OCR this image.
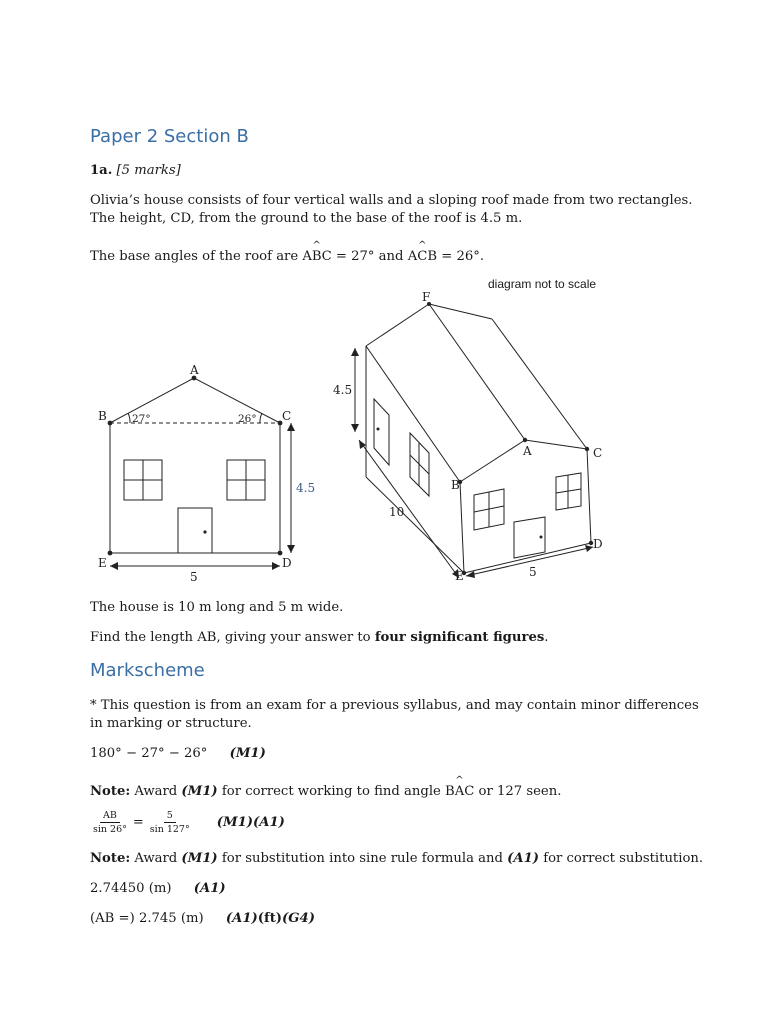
Paper 2 Section B
1a. [5 marks]
Olivia’s house consists of four vertical walls and a sloping roof made from two rectangles.
The height, CD, from the ground to the base of the roof is 4.5 m.
The base angles of the roof are A^ BC = 27° and A^ CB = 26°.
diagram not to scale
A
B	C
D
E
27°	26°
4.5
5
F
A
B
C
D
E
4.5
10
5
The house is 10 m long and 5 m wide.
Find the length AB, giving your answer to four significant figures.
Markscheme
* This question is from an exam for a previous syllabus, and may contain minor differences
in marking or structure.
180° − 27° − 26° (M1)
Note: Award (M1) for correct working to find angle B^ AC or 127 seen.
$\frac{AB}{\sin 26^\circ} = \frac{5}{\sin 127^\circ} (M1)(A1)$
Note: Award (M1) for substitution into sine rule formula and (A1) for correct substitution.
2.74450 (m) (A1)
(AB =) 2.745 (m) (A1)(ft)(G4)
